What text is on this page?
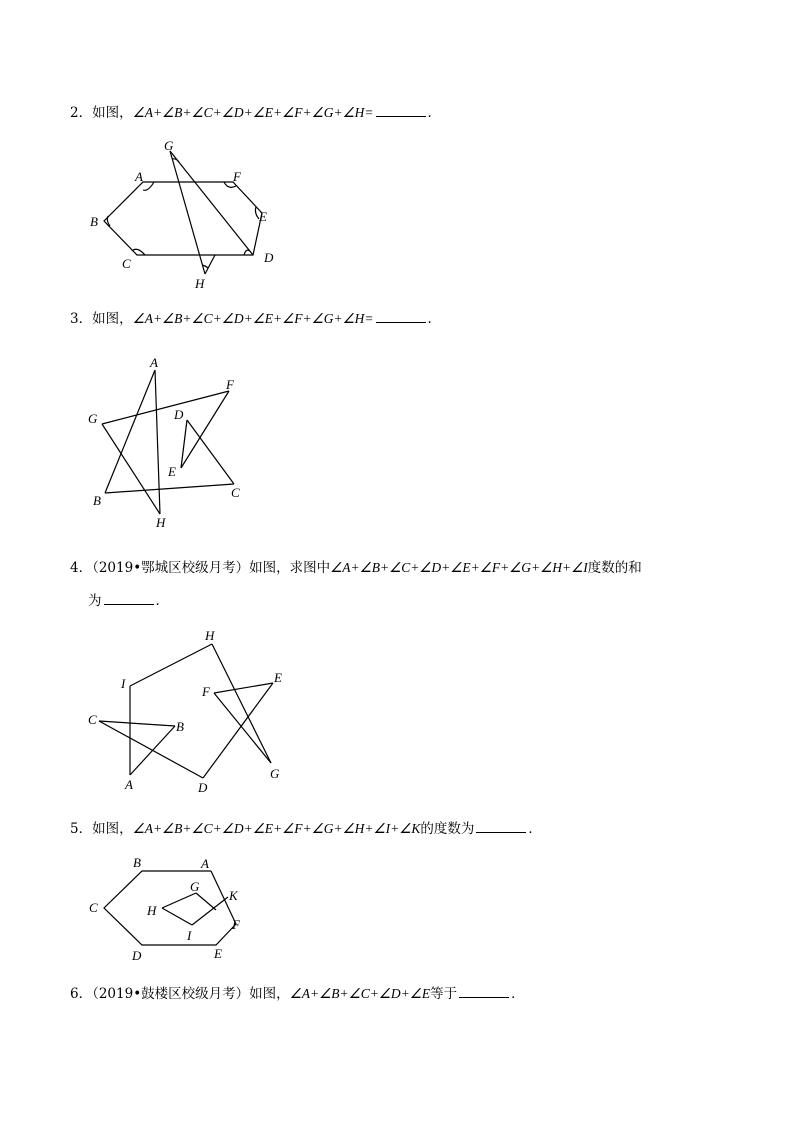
2．如图，∠A+∠B+∠C+∠D+∠E+∠F+∠G+∠H=	．
A
B
C	D
E
F
G
H
3．如图，∠A+∠B+∠C+∠D+∠E+∠F+∠G+∠H=	．
A
B
C
D
E
F
G
H
4．（2019•鄂城区校级月考）如图，求图中∠A+∠B+∠C+∠D+∠E+∠F+∠G+∠H+∠I度数的和
为	．
A
B
C
D
E
F
G
H
I
5．如图，∠A+∠B+∠C+∠D+∠E+∠F+∠G+∠H+∠I+∠K的度数为	．
A
B
C
D	E
F
G
H
I
K
6．（2019•鼓楼区校级月考）如图，∠A+∠B+∠C+∠D+∠E等于	．
